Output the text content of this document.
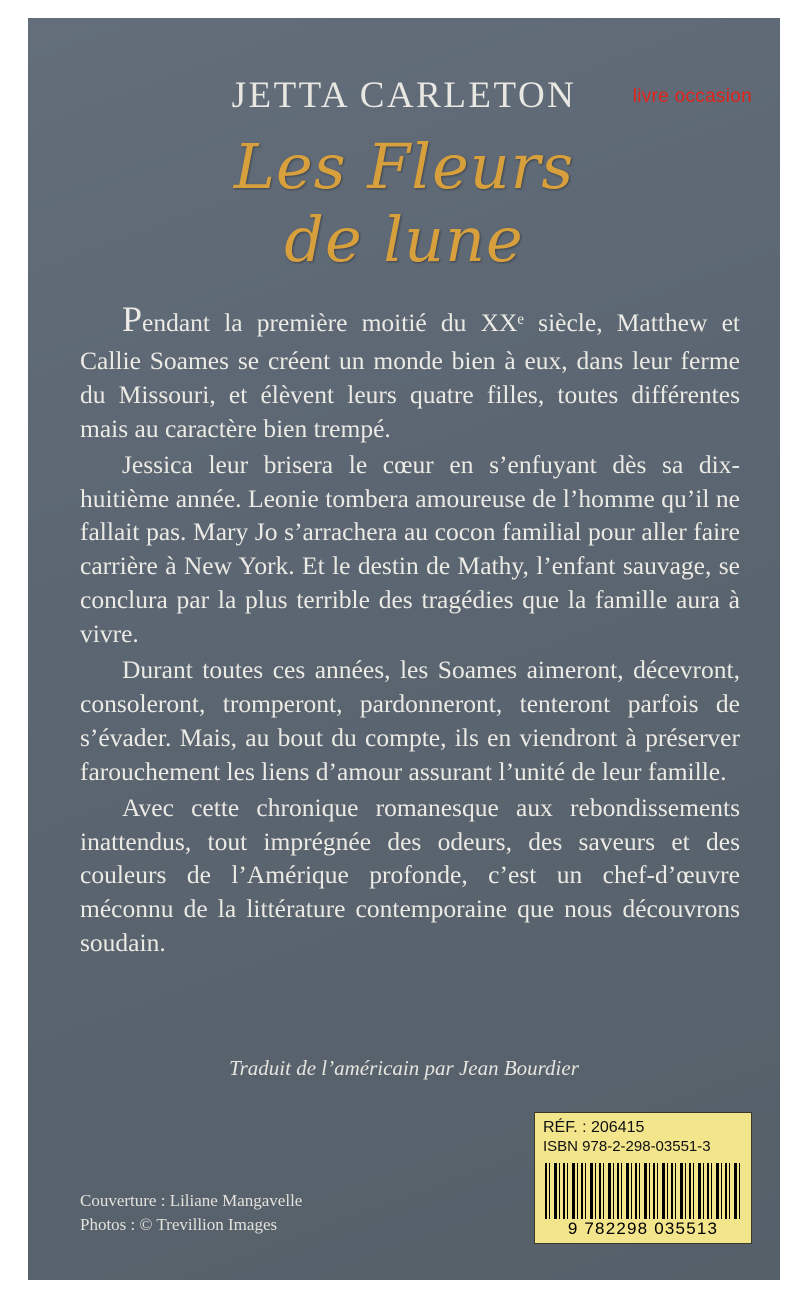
JETTA CARLETON	livre occasion
Les Fleurs
de lune

Pendant la première moitié du XXᵉ siècle, Matthew et Callie Soames se créent un monde bien à eux, dans leur ferme du Missouri, et élèvent leurs quatre filles, toutes différentes mais au caractère bien trempé.

Jessica leur brisera le cœur en s’enfuyant dès sa dix-huitième année. Leonie tombera amoureuse de l’homme qu’il ne fallait pas. Mary Jo s’arrachera au cocon familial pour aller faire carrière à New York. Et le destin de Mathy, l’enfant sauvage, se conclura par la plus terrible des tragédies que la famille aura à vivre.

Durant toutes ces années, les Soames aimeront, décevront, consoleront, tromperont, pardonneront, tenteront parfois de s’évader. Mais, au bout du compte, ils en viendront à préserver farouchement les liens d’amour assurant l’unité de leur famille.

Avec cette chronique romanesque aux rebondissements inattendus, tout imprégnée des odeurs, des saveurs et des couleurs de l’Amérique profonde, c’est un chef-d’œuvre méconnu de la littérature contemporaine que nous découvrons soudain.

Traduit de l’américain par Jean Bourdier
Couverture : Liliane Mangavelle
Photos : © Trevillion Images
RÉF. : 206415
ISBN 978-2-298-03551-3
9 782298 035513
